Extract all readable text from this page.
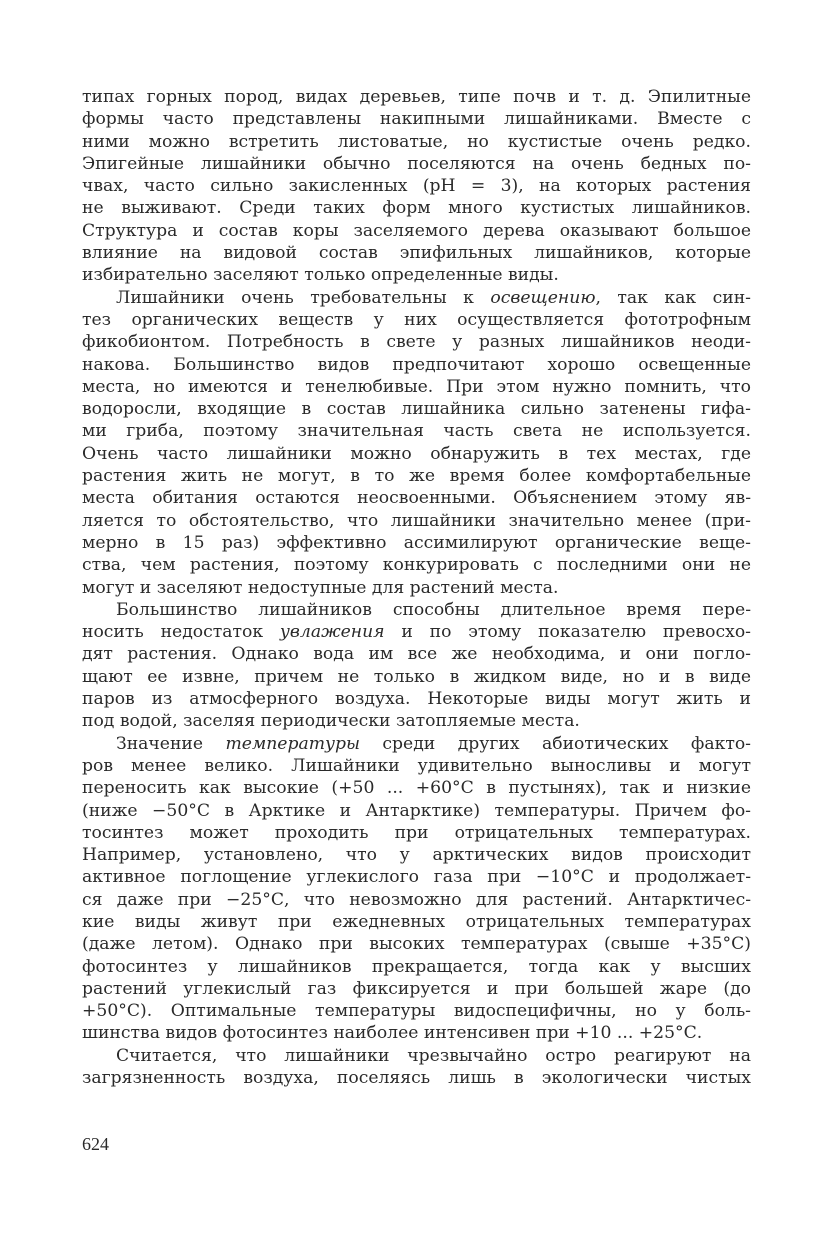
типах горных пород, видах деревьев, типе почв и т. д. Эпилитные
формы часто представлены накипными лишайниками. Вместе с
ними можно встретить листоватые, но кустистые очень редко.
Эпигейные лишайники обычно поселяются на очень бедных по-
чвах, часто сильно закисленных (pH = 3), на которых растения
не выживают. Среди таких форм много кустистых лишайников.
Структура и состав коры заселяемого дерева оказывают большое
влияние на видовой состав эпифильных лишайников, которые
избирательно заселяют только определенные виды.
Лишайники очень требовательны к освещению, так как син-
тез органических веществ у них осуществляется фототрофным
фикобионтом. Потребность в свете у разных лишайников неоди-
накова. Большинство видов предпочитают хорошо освещенные
места, но имеются и тенелюбивые. При этом нужно помнить, что
водоросли, входящие в состав лишайника сильно затенены гифа-
ми гриба, поэтому значительная часть света не используется.
Очень часто лишайники можно обнаружить в тех местах, где
растения жить не могут, в то же время более комфортабельные
места обитания остаются неосвоенными. Объяснением этому яв-
ляется то обстоятельство, что лишайники значительно менее (при-
мерно в 15 раз) эффективно ассимилируют органические веще-
ства, чем растения, поэтому конкурировать с последними они не
могут и заселяют недоступные для растений места.
Большинство лишайников способны длительное время пере-
носить недостаток увлажения и по этому показателю превосхо-
дят растения. Однако вода им все же необходима, и они погло-
щают ее извне, причем не только в жидком виде, но и в виде
паров из атмосферного воздуха. Некоторые виды могут жить и
под водой, заселяя периодически затопляемые места.
Значение температуры среди других абиотических факто-
ров менее велико. Лишайники удивительно выносливы и могут
переносить как высокие (+50 ... +60°С в пустынях), так и низкие
(ниже −50°С в Арктике и Антарктике) температуры. Причем фо-
тосинтез может проходить при отрицательных температурах.
Например, установлено, что у арктических видов происходит
активное поглощение углекислого газа при −10°С и продолжает-
ся даже при −25°С, что невозможно для растений. Антарктичес-
кие виды живут при ежедневных отрицательных температурах
(даже летом). Однако при высоких температурах (свыше +35°С)
фотосинтез у лишайников прекращается, тогда как у высших
растений углекислый газ фиксируется и при большей жаре (до
+50°С). Оптимальные температуры видоспецифичны, но у боль-
шинства видов фотосинтез наиболее интенсивен при +10 ... +25°С.
Считается, что лишайники чрезвычайно остро реагируют на
загрязненность воздуха, поселяясь лишь в экологически чистых
624
